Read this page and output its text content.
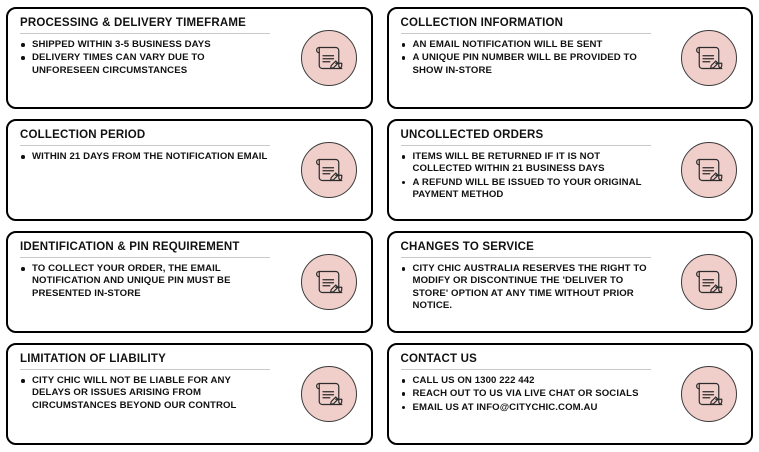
PROCESSING & DELIVERY TIMEFRAME
SHIPPED WITHIN 3-5 BUSINESS DAYS
DELIVERY TIMES CAN VARY DUE TO UNFORESEEN CIRCUMSTANCES
COLLECTION INFORMATION
AN EMAIL NOTIFICATION WILL BE SENT
A UNIQUE PIN NUMBER WILL BE PROVIDED TO SHOW IN-STORE
COLLECTION PERIOD
WITHIN 21 DAYS FROM THE NOTIFICATION EMAIL
UNCOLLECTED ORDERS
ITEMS WILL BE RETURNED IF IT IS NOT COLLECTED WITHIN 21 BUSINESS DAYS
A REFUND WILL BE ISSUED TO YOUR ORIGINAL PAYMENT METHOD
IDENTIFICATION & PIN REQUIREMENT
TO COLLECT YOUR ORDER, THE EMAIL NOTIFICATION AND UNIQUE PIN MUST BE PRESENTED IN-STORE
CHANGES TO SERVICE
CITY CHIC AUSTRALIA RESERVES THE RIGHT TO MODIFY OR DISCONTINUE THE 'DELIVER TO STORE' OPTION AT ANY TIME WITHOUT PRIOR NOTICE.
LIMITATION OF LIABILITY
CITY CHIC WILL NOT BE LIABLE FOR ANY DELAYS OR ISSUES ARISING FROM CIRCUMSTANCES BEYOND OUR CONTROL
CONTACT US
CALL US ON 1300 222 442
REACH OUT TO US VIA LIVE CHAT OR SOCIALS
EMAIL US AT INFO@CITYCHIC.COM.AU
